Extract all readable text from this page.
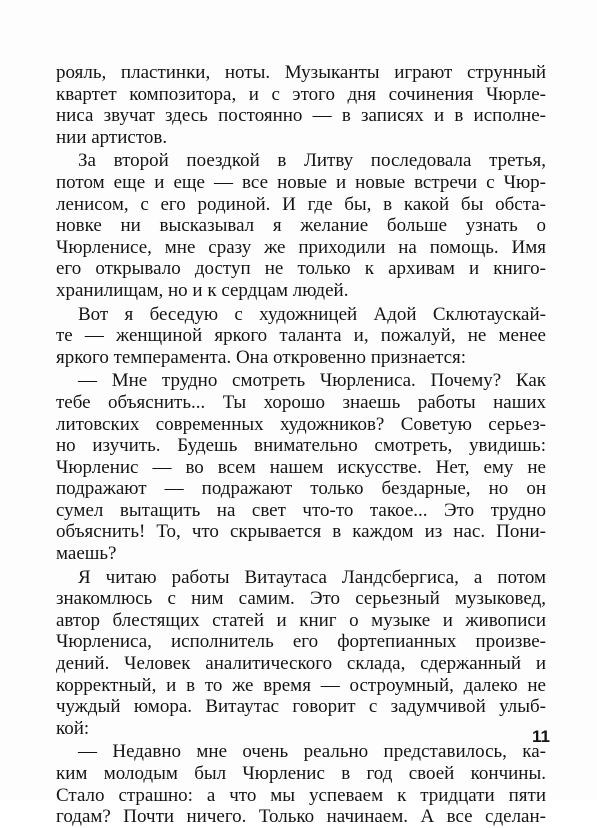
рояль, пластинки, ноты. Музыканты играют струнный
квартет композитора, и с этого дня сочинения Чюрле-
ниса звучат здесь постоянно — в записях и в исполне-
нии артистов.
За второй поездкой в Литву последовала третья,
потом еще и еще — все новые и новые встречи с Чюр-
ленисом, с его родиной. И где бы, в какой бы обста-
новке ни высказывал я желание больше узнать о
Чюрленисе, мне сразу же приходили на помощь. Имя
его открывало доступ не только к архивам и книго-
хранилищам, но и к сердцам людей.
Вот я беседую с художницей Адой Склютаускай-
те — женщиной яркого таланта и, пожалуй, не менее
яркого темперамента. Она откровенно признается:
— Мне трудно смотреть Чюрлениса. Почему? Как
тебе объяснить... Ты хорошо знаешь работы наших
литовских современных художников? Советую серьез-
но изучить. Будешь внимательно смотреть, увидишь:
Чюрленис — во всем нашем искусстве. Нет, ему не
подражают — подражают только бездарные, но он
сумел вытащить на свет что-то такое... Это трудно
объяснить! То, что скрывается в каждом из нас. Пони-
маешь?
Я читаю работы Витаутаса Ландсбергиса, а потом
знакомлюсь с ним самим. Это серьезный музыковед,
автор блестящих статей и книг о музыке и живописи
Чюрлениса, исполнитель его фортепианных произве-
дений. Человек аналитического склада, сдержанный и
корректный, и в то же время — остроумный, далеко не
чуждый юмора. Витаутас говорит с задумчивой улыб-
кой:
— Недавно мне очень реально представилось, ка-
ким молодым был Чюрленис в год своей кончины.
Стало страшно: а что мы успеваем к тридцати пяти
годам? Почти ничего. Только начинаем. А все сделан-
11
